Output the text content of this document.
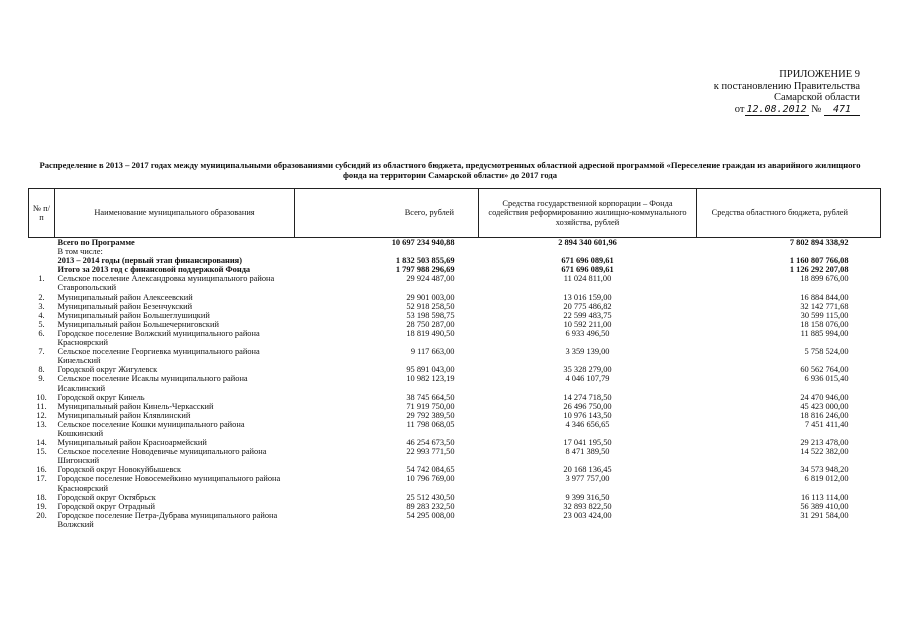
ПРИЛОЖЕНИЕ 9
к постановлению Правительства
Самарской области
от 12.08.2012 № 471
Распределение в 2013 – 2017 годах между муниципальными образованиями субсидий из областного бюджета, предусмотренных областной адресной программой «Переселение граждан из аварийного жилищного фонда на территории Самарской области» до 2017 года
№ п/п	Наименование муниципального образования	Всего, рублей	Средства государственной корпорации – Фонда содействия реформированию жилищно-коммунального хозяйства, рублей	Средства областного бюджета, рублей
	Всего по Программе	10 697 234 940,88	2 894 340 601,96	7 802 894 338,92
	В том числе:			
	2013 – 2014 годы (первый этап финансирования)	1 832 503 855,69	671 696 089,61	1 160 807 766,08
	Итого за 2013 год с финансовой поддержкой Фонда	1 797 988 296,69	671 696 089,61	1 126 292 207,08
1.	Сельское поселение Александровка муниципального района Ставропольский	29 924 487,00	11 024 811,00	18 899 676,00
2.	Муниципальный район Алексеевский	29 901 003,00	13 016 159,00	16 884 844,00
3.	Муниципальный район Безенчукский	52 918 258,50	20 775 486,82	32 142 771,68
4.	Муниципальный район Большеглушицкий	53 198 598,75	22 599 483,75	30 599 115,00
5.	Муниципальный район Большечерниговский	28 750 287,00	10 592 211,00	18 158 076,00
6.	Городское поселение Волжский муниципального района Красноярский	18 819 490,50	6 933 496,50	11 885 994,00
7.	Сельское поселение Георгиевка муниципального района Кинельский	9 117 663,00	3 359 139,00	5 758 524,00
8.	Городской округ Жигулевск	95 891 043,00	35 328 279,00	60 562 764,00
9.	Сельское поселение Исаклы муниципального района Исаклинский	10 982 123,19	4 046 107,79	6 936 015,40
10.	Городской округ Кинель	38 745 664,50	14 274 718,50	24 470 946,00
11.	Муниципальный район Кинель-Черкасский	71 919 750,00	26 496 750,00	45 423 000,00
12.	Муниципальный район Клявлинский	29 792 389,50	10 976 143,50	18 816 246,00
13.	Сельское поселение Кошки муниципального района Кошкинский	11 798 068,05	4 346 656,65	7 451 411,40
14.	Муниципальный район Красноармейский	46 254 673,50	17 041 195,50	29 213 478,00
15.	Сельское поселение Новодевичье муниципального района Шигонский	22 993 771,50	8 471 389,50	14 522 382,00
16.	Городской округ Новокуйбышевск	54 742 084,65	20 168 136,45	34 573 948,20
17.	Городское поселение Новосемейкино муниципального района Красноярский	10 796 769,00	3 977 757,00	6 819 012,00
18.	Городской округ Октябрьск	25 512 430,50	9 399 316,50	16 113 114,00
19.	Городской округ Отрадный	89 283 232,50	32 893 822,50	56 389 410,00
20.	Городское поселение Петра-Дубрава муниципального района Волжский	54 295 008,00	23 003 424,00	31 291 584,00
